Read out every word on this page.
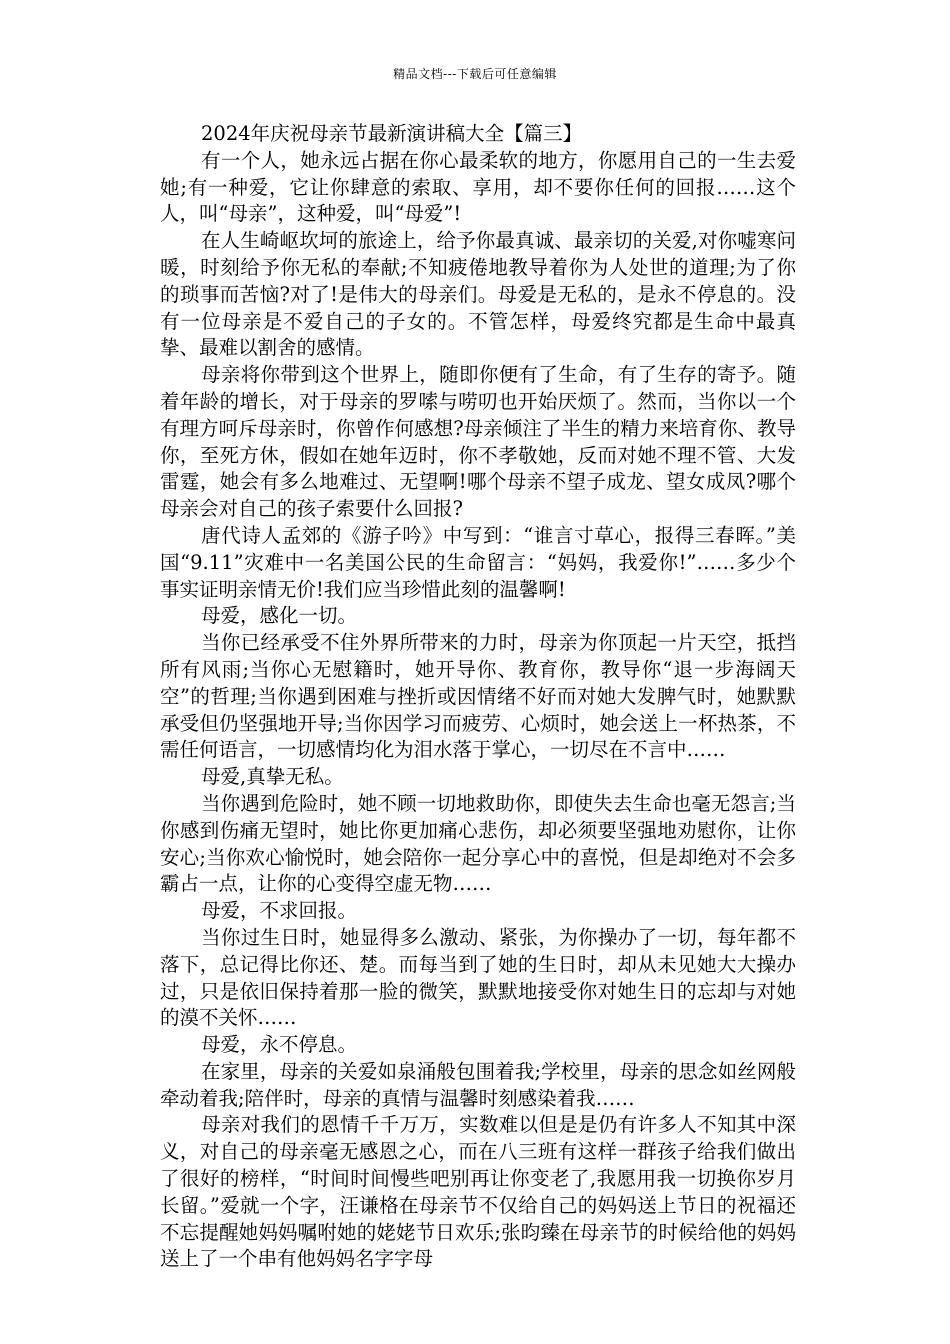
精品文档---下载后可任意编辑

2024年庆祝母亲节最新演讲稿大全【篇三】

有一个人，她永远占据在你心最柔软的地方，你愿用自己的一生去爱她;有一种爱，它让你肆意的索取、享用，却不要你任何的回报……这个人，叫“母亲”，这种爱，叫“母爱”!

在人生崎岖坎坷的旅途上，给予你最真诚、最亲切的关爱,对你嘘寒问暖，时刻给予你无私的奉献;不知疲倦地教导着你为人处世的道理;为了你的琐事而苦恼?对了!是伟大的母亲们。母爱是无私的，是永不停息的。没有一位母亲是不爱自己的子女的。不管怎样，母爱终究都是生命中最真挚、最难以割舍的感情。

母亲将你带到这个世界上，随即你便有了生命，有了生存的寄予。随着年龄的增长，对于母亲的罗嗦与唠叨也开始厌烦了。然而，当你以一个有理方呵斥母亲时，你曾作何感想?母亲倾注了半生的精力来培育你、教导你，至死方休，假如在她年迈时，你不孝敬她，反而对她不理不管、大发雷霆，她会有多么地难过、无望啊!哪个母亲不望子成龙、望女成凤?哪个母亲会对自己的孩子索要什么回报?

唐代诗人孟郊的《游子吟》中写到：“谁言寸草心，报得三春晖。”美国“9.11”灾难中一名美国公民的生命留言：“妈妈，我爱你!”……多少个事实证明亲情无价!我们应当珍惜此刻的温馨啊!

母爱，感化一切。

当你已经承受不住外界所带来的力时，母亲为你顶起一片天空，抵挡所有风雨;当你心无慰籍时，她开导你、教育你，教导你“退一步海阔天空”的哲理;当你遇到困难与挫折或因情绪不好而对她大发脾气时，她默默承受但仍坚强地开导;当你因学习而疲劳、心烦时，她会送上一杯热茶，不需任何语言，一切感情均化为泪水落于掌心，一切尽在不言中……

母爱,真挚无私。

当你遇到危险时，她不顾一切地救助你，即使失去生命也毫无怨言;当你感到伤痛无望时，她比你更加痛心悲伤，却必须要坚强地劝慰你，让你安心;当你欢心愉悦时，她会陪你一起分享心中的喜悦，但是却绝对不会多霸占一点，让你的心变得空虚无物……

母爱，不求回报。

当你过生日时，她显得多么激动、紧张，为你操办了一切，每年都不落下，总记得比你还、楚。而每当到了她的生日时，却从未见她大大操办过，只是依旧保持着那一脸的微笑，默默地接受你对她生日的忘却与对她的漠不关怀……

母爱，永不停息。

在家里，母亲的关爱如泉涌般包围着我;学校里，母亲的思念如丝网般牵动着我;陪伴时，母亲的真情与温馨时刻感染着我……

母亲对我们的恩情千千万万，实数难以但是是仍有许多人不知其中深义，对自己的母亲毫无感恩之心，而在八三班有这样一群孩子给我们做出了很好的榜样，“时间时间慢些吧别再让你变老了,我愿用我一切换你岁月长留。”爱就一个字，汪谦格在母亲节不仅给自己的妈妈送上节日的祝福还不忘提醒她妈妈嘱咐她的姥姥节日欢乐;张昀臻在母亲节的时候给他的妈妈送上了一个串有他妈妈名字字母
